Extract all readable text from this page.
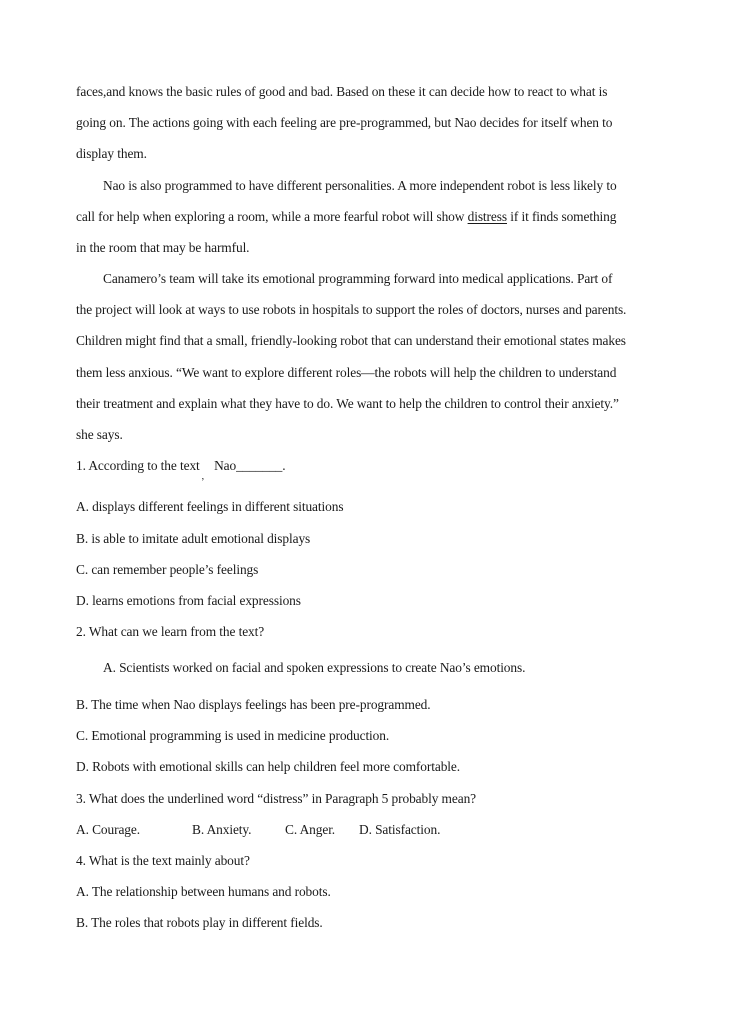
faces,and knows the basic rules of good and bad. Based on these it can decide how to react to what is
going on. The actions going with each feeling are pre-programmed, but Nao decides for itself when to
display them.
Nao is also programmed to have different personalities. A more independent robot is less likely to
call for help when exploring a room, while a more fearful robot will show distress if it finds something
in the room that may be harmful.
Canamero’s team will take its emotional programming forward into medical applications. Part of
the project will look at ways to use robots in hospitals to support the roles of doctors, nurses and parents.
Children might find that a small, friendly-looking robot that can understand their emotional states makes
them less anxious. “We want to explore different roles—the robots will help the children to understand
their treatment and explain what they have to do. We want to help the children to control their anxiety.”
she says.
1. According to the text,Nao_______.
A. displays different feelings in different situations
B. is able to imitate adult emotional displays
C. can remember people’s feelings
D. learns emotions from facial expressions
2. What can we learn from the text?
A. Scientists worked on facial and spoken expressions to create Nao’s emotions.
B. The time when Nao displays feelings has been pre-programmed.
C. Emotional programming is used in medicine production.
D. Robots with emotional skills can help children feel more comfortable.
3. What does the underlined word “distress” in Paragraph 5 probably mean?
A. Courage.	B. Anxiety.	C. Anger. D. Satisfaction.
4. What is the text mainly about?
A. The relationship between humans and robots.
B. The roles that robots play in different fields.
